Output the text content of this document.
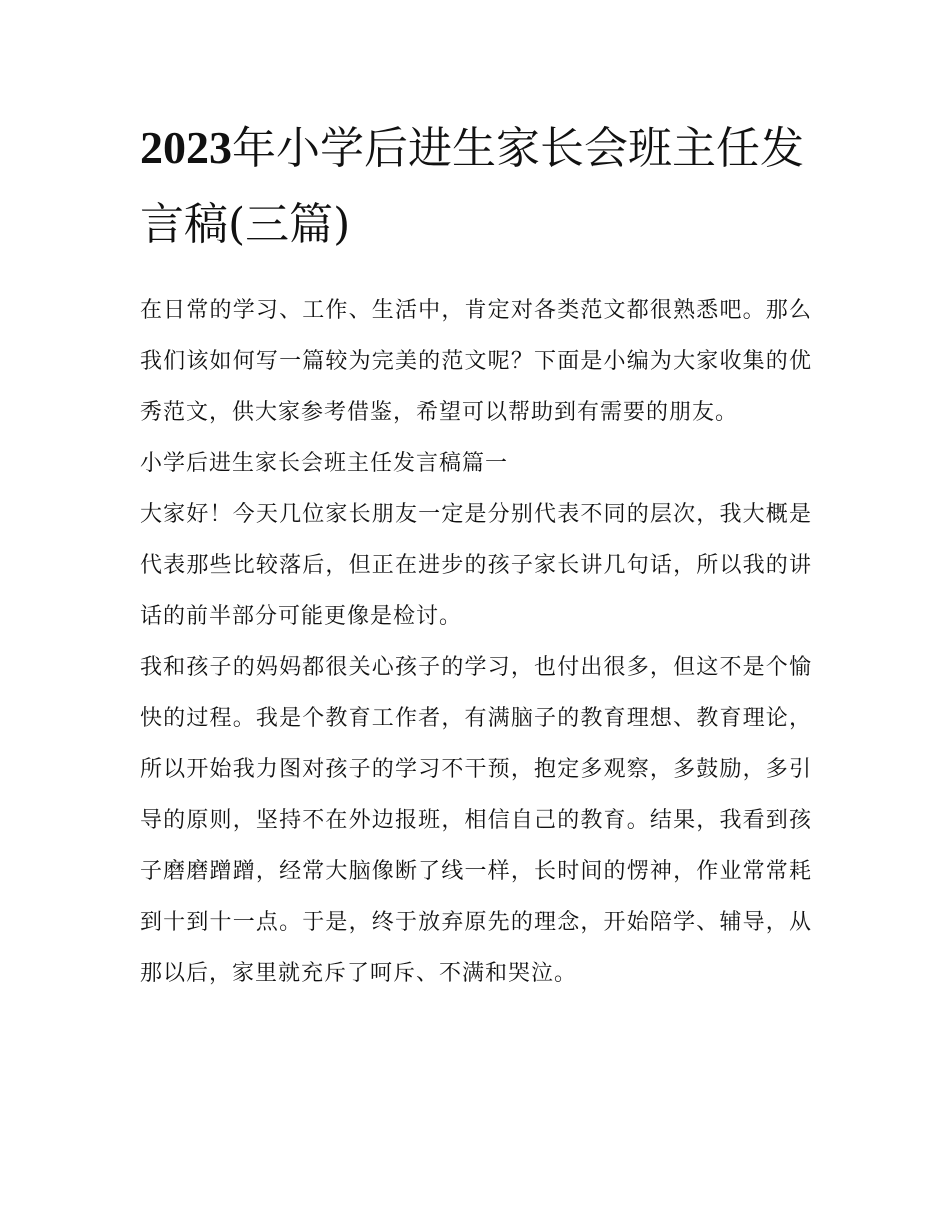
2023年小学后进生家长会班主任发言稿(三篇)

在日常的学习、工作、生活中，肯定对各类范文都很熟悉吧。那么我们该如何写一篇较为完美的范文呢？下面是小编为大家收集的优秀范文，供大家参考借鉴，希望可以帮助到有需要的朋友。

小学后进生家长会班主任发言稿篇一

大家好！今天几位家长朋友一定是分别代表不同的层次，我大概是代表那些比较落后，但正在进步的孩子家长讲几句话，所以我的讲话的前半部分可能更像是检讨。

我和孩子的妈妈都很关心孩子的学习，也付出很多，但这不是个愉快的过程。我是个教育工作者，有满脑子的教育理想、教育理论，所以开始我力图对孩子的学习不干预，抱定多观察，多鼓励，多引导的原则，坚持不在外边报班，相信自己的教育。结果，我看到孩子磨磨蹭蹭，经常大脑像断了线一样，长时间的愣神，作业常常耗到十到十一点。于是，终于放弃原先的理念，开始陪学、辅导，从那以后，家里就充斥了呵斥、不满和哭泣。
